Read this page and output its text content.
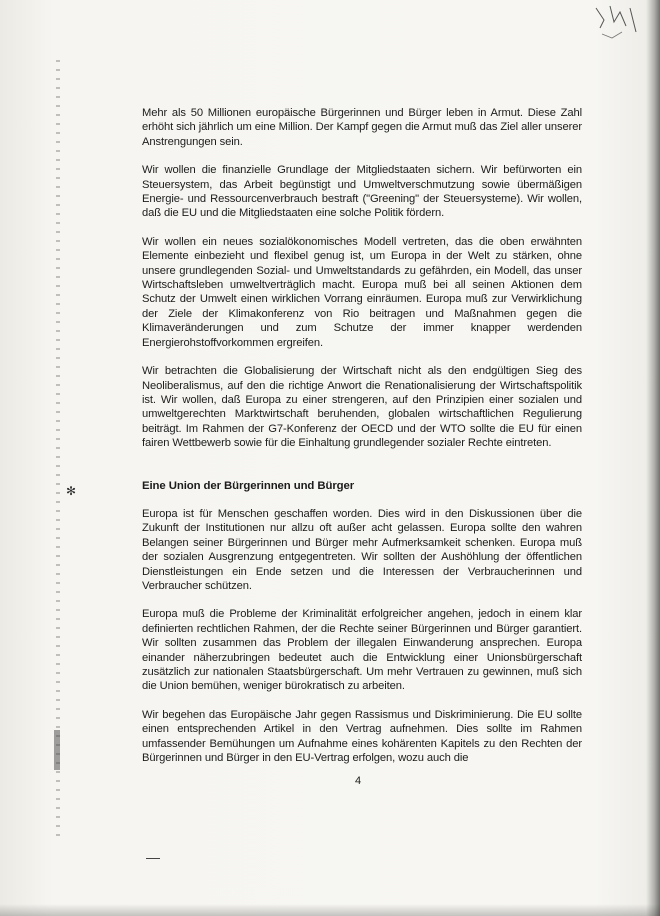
✻

Mehr als 50 Millionen europäische Bürgerinnen und Bürger leben in Armut. Diese Zahl erhöht sich jährlich um eine Million. Der Kampf gegen die Armut muß das Ziel aller unserer Anstrengungen sein.

Wir wollen die finanzielle Grundlage der Mitgliedstaaten sichern. Wir befürworten ein Steuersystem, das Arbeit begünstigt und Umweltverschmutzung sowie übermäßigen Energie- und Ressourcenverbrauch bestraft ("Greening" der Steuersysteme). Wir wollen, daß die EU und die Mitgliedstaaten eine solche Politik fördern.

Wir wollen ein neues sozialökonomisches Modell vertreten, das die oben erwähnten Elemente einbezieht und flexibel genug ist, um Europa in der Welt zu stärken, ohne unsere grundlegenden Sozial- und Umweltstandards zu gefährden, ein Modell, das unser Wirtschaftsleben umweltverträglich macht. Europa muß bei all seinen Aktionen dem Schutz der Umwelt einen wirklichen Vorrang einräumen. Europa muß zur Verwirklichung der Ziele der Klimakonferenz von Rio beitragen und Maßnahmen gegen die Klimaveränderungen und zum Schutze der immer knapper werdenden Energierohstoffvorkommen ergreifen.

Wir betrachten die Globalisierung der Wirtschaft nicht als den endgültigen Sieg des Neoliberalismus, auf den die richtige Anwort die Renationalisierung der Wirtschaftspolitik ist. Wir wollen, daß Europa zu einer strengeren, auf den Prinzipien einer sozialen und umweltgerechten Marktwirtschaft beruhenden, globalen wirtschaftlichen Regulierung beiträgt. Im Rahmen der G7-Konferenz der OECD und der WTO sollte die EU für einen fairen Wettbewerb sowie für die Einhaltung grundlegender sozialer Rechte eintreten.

Eine Union der Bürgerinnen und Bürger

Europa ist für Menschen geschaffen worden. Dies wird in den Diskussionen über die Zukunft der Institutionen nur allzu oft außer acht gelassen. Europa sollte den wahren Belangen seiner Bürgerinnen und Bürger mehr Aufmerksamkeit schenken. Europa muß der sozialen Ausgrenzung entgegentreten. Wir sollten der Aushöhlung der öffentlichen Dienstleistungen ein Ende setzen und die Interessen der Verbraucherinnen und Verbraucher schützen.

Europa muß die Probleme der Kriminalität erfolgreicher angehen, jedoch in einem klar definierten rechtlichen Rahmen, der die Rechte seiner Bürgerinnen und Bürger garantiert. Wir sollten zusammen das Problem der illegalen Einwanderung ansprechen. Europa einander näherzubringen bedeutet auch die Entwicklung einer Unionsbürgerschaft zusätzlich zur nationalen Staatsbürgerschaft. Um mehr Vertrauen zu gewinnen, muß sich die Union bemühen, weniger bürokratisch zu arbeiten.

Wir begehen das Europäische Jahr gegen Rassismus und Diskriminierung. Die EU sollte einen entsprechenden Artikel in den Vertrag aufnehmen. Dies sollte im Rahmen umfassender Bemühungen um Aufnahme eines kohärenten Kapitels zu den Rechten der Bürgerinnen und Bürger in den EU-Vertrag erfolgen, wozu auch die

4
